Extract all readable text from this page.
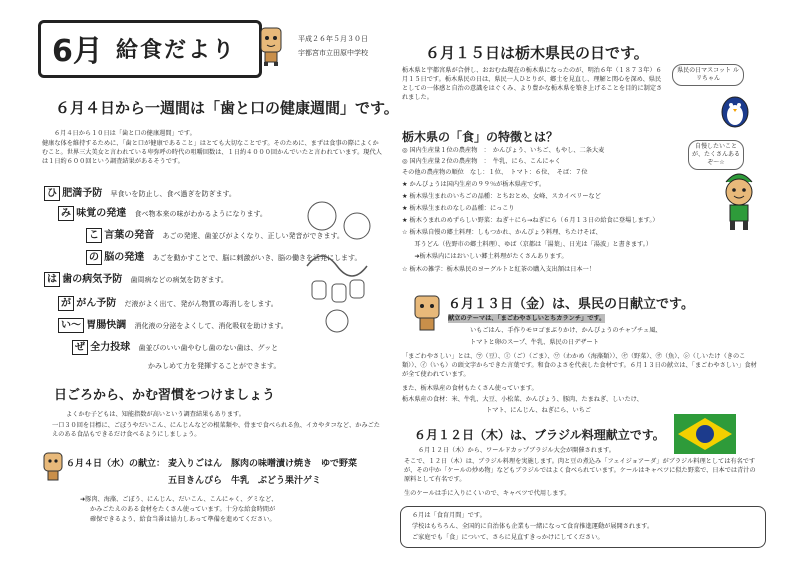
6月 給食だより	平成２６年５月３０日
宇都宮市立田原中学校
６月４日から一週間は「歯と口の健康週間」です。
６月４日から１０日は「歯と口の健康週間」です。
健康な体を維持するために、「歯と口が健康であること」はとても大切なことです。そのために、まずは食事の際によくかむこと。世界三大美女と言われている卑弥呼の時代の咀嚼回数は、１日約４０００回かんでいたと言われています。現代人は１日約６００回という調査結果があるそうです。
ひ 肥満予防 早食いを防止し、食べ過ぎを防ぎます。
み 味覚の発達 食べ物本来の味がわかるようになります。
こ 言葉の発音 あごの発達、歯並びがよくなり、正しい発音ができます。
の 脳の発達 あごを動かすことで、脳に刺激がいき、脳の働きを活発にします。
は 歯の病気予防 歯周病などの病気を防ぎます。
が がん予防 だ液がよく出て、発がん物質の毒消しをします。
い〜 胃腸快調 消化液の分泌をよくして、消化吸収を助けます。
ぜ 全力投球 歯並びのいい歯やむし歯のない歯は、グッと
かみしめて力を発揮することができます。
日ごろから、かむ習慣をつけましょう
よくかむ子どもは、知能指数が高いという調査結果もあります。
一口３０回を目標に、ごぼうやだいこん、にんじんなどの根菜類や、骨まで食べられる魚、イカやタコなど、かみごたえのある食品もできるだけ食べるようにしましょう。
６月４日（水）の献立： 麦入りごはん　豚肉の味噌漬け焼き　ゆで野菜
五目きんぴら　牛乳　ぶどう果汁ゲミ
➜豚肉、海藻、ごぼう、にんじん、だいこん、こんにゃく、グミなど、
かみごたえのある食材をたくさん使っています。十分な給食時間が
確保できるよう、給食当番は協力しあって準備を進めてください。
６月１５日は栃木県民の日です。
栃木県と宇都宮県が合併し、おおむね現在の栃木県になったのが、明治６年（１８７３年）６月１５日です。栃木県民の日は、県民一人ひとりが、郷土を見直し、理解と関心を深め、県民としての一体感と自治の意識をはぐくみ、より豊かな栃木県を築き上げることを目的に制定されました。
県民の日マスコット ルリちゃん
栃木県の「食」の特徴とは？
◎ 国内生産量１位の農産物　：　かんぴょう、いちご、もやし、二条大麦
◎ 国内生産量２位の農産物　：　牛乳、にら、こんにゃく
その他の農産物の順位　なし：１位、　トマト：６位、　そば：７位
★ かんぴょうは国内生産の９９％が栃木県産です。
★ 栃木県生まれのいちごの品種：とちおとめ、女峰、スカイベリーなど
★ 栃木県生まれのなしの品種：にっこり
★ 栃木うまれのめずらしい野菜：ねぎ＋にら→ねぎにら（６月１３日の給食に登場します。）
☆ 栃木県自慢の郷土料理：しもつかれ、かんぴょう料理、ちたけそば、
　　耳うどん（佐野市の郷土料理）、ゆば（京都は「湯葉」、日光は「湯波」と書きます。）
　　➜栃木県内にはおいしい郷土料理がたくさんあります。
☆ 栃木の雑学：栃木県民のヨーグルトと紅茶の購入支出額は日本一！
自慢したいことが、たくさんあるぞ〜☆
６月１３日（金）は、県民の日献立です。
献立のテーマは、「まごわやさしいとちカランチ」です。
いもごはん、手作りモロゴまぶりかけ、かんぴょうのチャプチェ風、
トマトと卵のスープ、牛乳、県民の日デザート
「まごわやさしい」とは、㋮（豆）、㋯（ご）（ごま）、㋻（わかめ（海藻類））、㋳（野菜）、㋚（魚）、㋛（しいたけ（きのこ類））、㋑（いも）の頭文字からできた言葉です。和食のよさを代表した食材です。６月１３日の献立は、「まごわやさしい」食材が全て使われています。
また、栃木県産の食材もたくさん使っています。
栃木県産の食材：米、牛乳、大豆、小松菜、かんぴょう、豚肉、たまねぎ、しいたけ、
トマト、にんじん、ねぎにら、いちご
６月１２日（木）は、ブラジル料理献立です。
６月１２日（木）から、ワールドカップブラジル大会が開催されます。
そこで、１２日（木）は、ブラジル料理を実施します。肉と豆の煮込み「フェイジョアーダ」がブラジル料理としては有名ですが、その中か「ケールの炒め物」などもブラジルではよく食べられています。ケールはキャベツに似た野菜で、日本では青汁の原料として有名です。
生のケールは手に入りにくいので、キャベツで代用します。
６月は「食育月間」です。
学校はもちろん、全国的に自治体も企業も一緒になって食育推進運動が展開されます。
ご家庭でも「食」について、さらに見直すきっかけにしてください。
